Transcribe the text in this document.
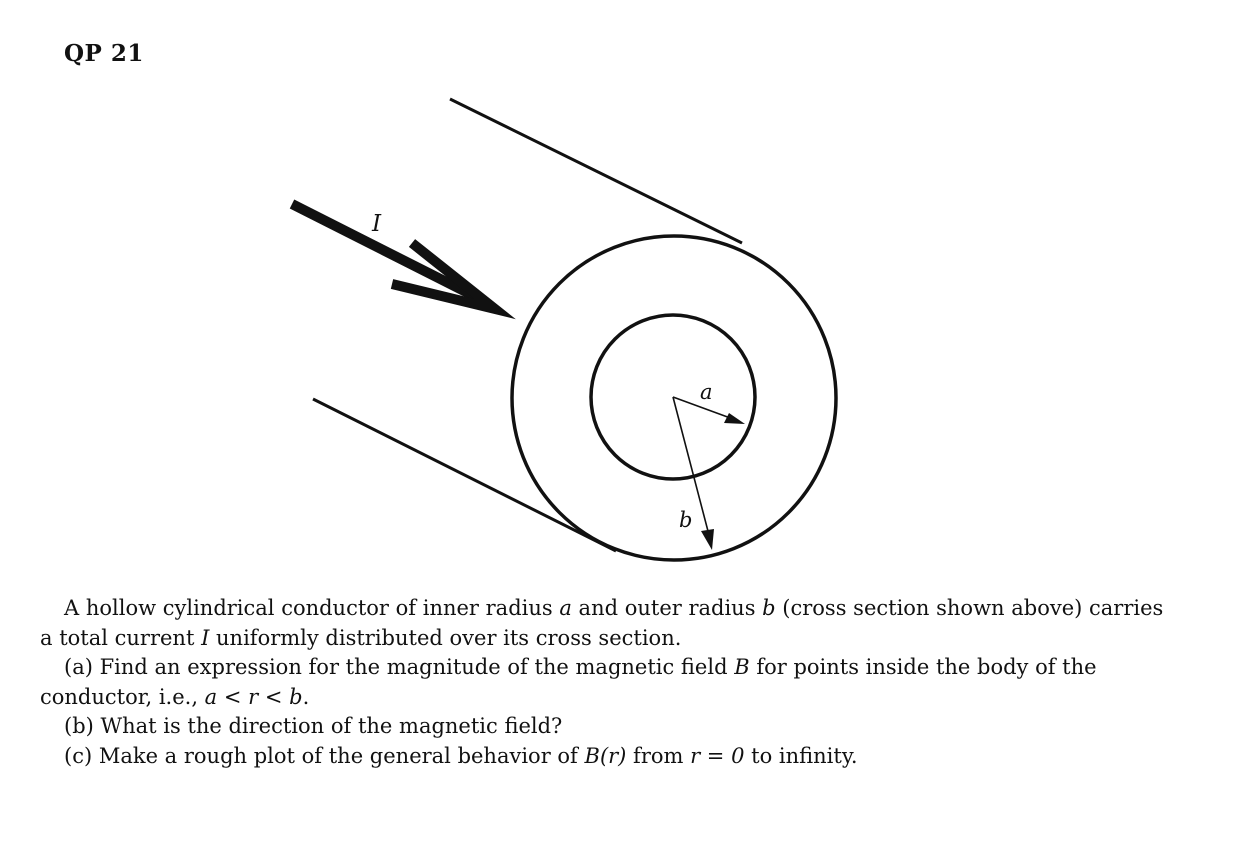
QP 21
I
a
b

A hollow cylindrical conductor of inner radius a and outer radius b (cross section shown above) carries a total current I uniformly distributed over its cross section.

(a) Find an expression for the magnitude of the magnetic field B for points inside the body of the conductor, i.e., a < r < b.

(b) What is the direction of the magnetic field?

(c) Make a rough plot of the general behavior of B(r) from r = 0 to infinity.
